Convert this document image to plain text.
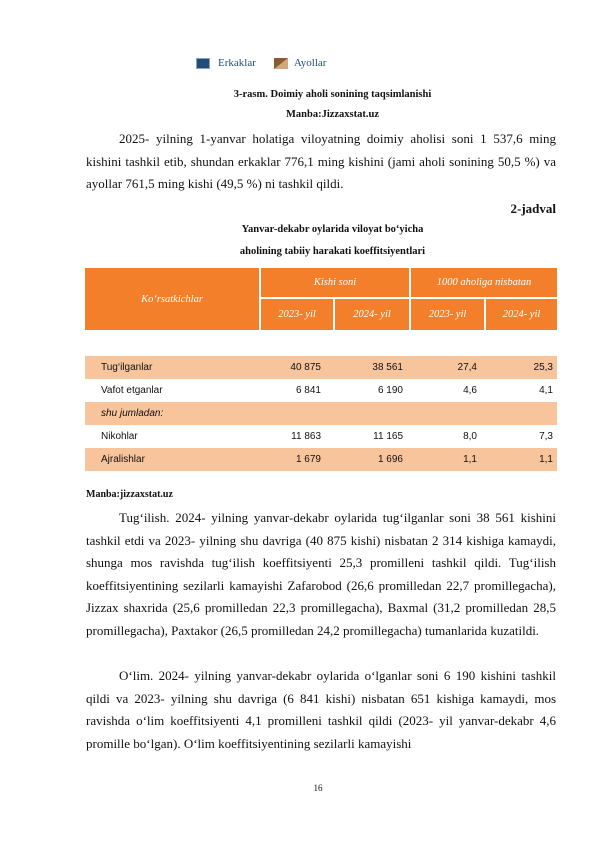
Erkaklar	Ayollar
3-rasm. Doimiy aholi sonining taqsimlanishi
Manba:Jizzaxstat.uz
2025- yilning 1-yanvar holatiga viloyatning doimiy aholisi soni 1 537,6 ming kishini tashkil etib, shundan erkaklar 776,1 ming kishini (jami aholi sonining 50,5 %) va ayollar 761,5 ming kishi (49,5 %) ni tashkil qildi.
2-jadval
Yanvar-dekabr oylarida viloyat bo‘yicha
aholining tabiiy harakati koeffitsiyentlari
Ko‘rsatkichlar
Kishi soni	1000 aholiga nisbatan
2023- yil	2024- yil	2023- yil	2024- yil
Tug‘ilganlar	40 875	38 561	27,4	25,3
Vafot etganlar	6 841	6 190	4,6	4,1
shu jumladan:
Nikohlar	11 863	11 165	8,0	7,3
Ajralishlar	1 679	1 696	1,1	1,1
Manba:jizzaxstat.uz
Tug‘ilish. 2024- yilning yanvar-dekabr oylarida tug‘ilganlar soni 38 561 kishini tashkil etdi va 2023- yilning shu davriga (40 875 kishi) nisbatan 2 314 kishiga kamaydi, shunga mos ravishda tug‘ilish koeffitsiyenti 25,3 promilleni tashkil qildi. Tug‘ilish koeffitsiyentining sezilarli kamayishi Zafarobod (26,6 promilledan 22,7 promillegacha), Jizzax shaxrida (25,6 promilledan 22,3 promillegacha), Baxmal (31,2 promilledan 28,5 promillegacha), Paxtakor (26,5 promilledan 24,2 promillegacha) tumanlarida kuzatildi.
O‘lim. 2024- yilning yanvar-dekabr oylarida o‘lganlar soni 6 190 kishini tashkil qildi va 2023- yilning shu davriga (6 841 kishi) nisbatan 651 kishiga kamaydi, mos ravishda o‘lim koeffitsiyenti 4,1 promilleni tashkil qildi (2023- yil yanvar-dekabr 4,6 promille bo‘lgan). O‘lim koeffitsiyentining sezilarli kamayishi
16
